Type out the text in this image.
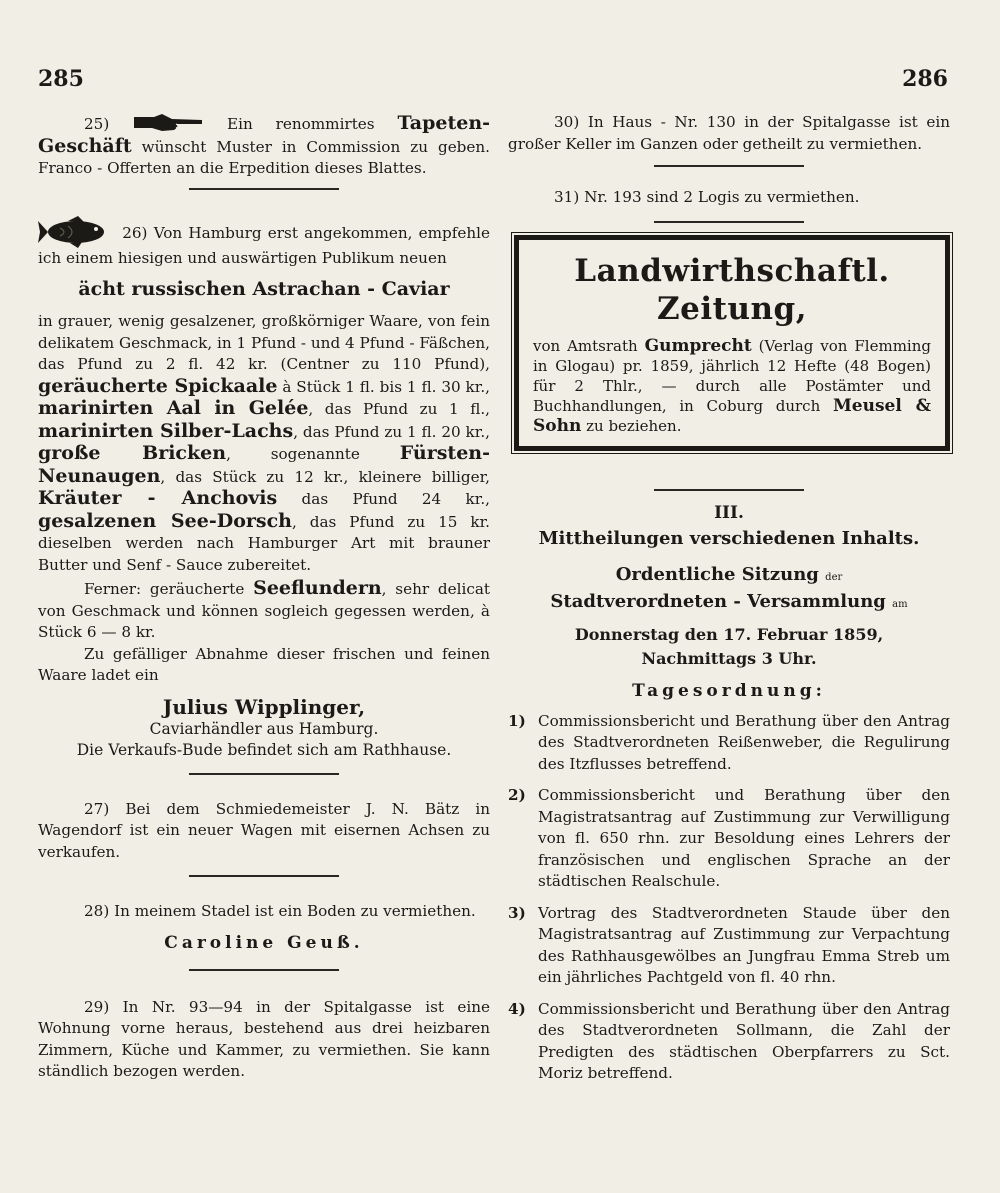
285	286

25)	Ein renommirtes Tapeten-Geschäft wünscht Muster in Commission zu geben. Franco - Offerten an die Erpedition dieses Blattes.

26) Von Hamburg erst angekommen, empfehle ich einem hiesigen und auswärtigen Publikum neuen

ächt russischen Astrachan - Caviar

in grauer, wenig gesalzener, großkörniger Waare, von fein delikatem Geschmack, in 1 Pfund - und 4 Pfund - Fäßchen, das Pfund zu 2 fl. 42 kr. (Centner zu 110 Pfund), geräucherte Spickaale à Stück 1 fl. bis 1 fl. 30 kr., marinirten Aal in Gelée, das Pfund zu 1 fl., marinirten Silber-Lachs, das Pfund zu 1 fl. 20 kr., große Bricken, sogenannte Fürsten-Neunaugen, das Stück zu 12 kr., kleinere billiger, Kräuter - Anchovis das Pfund 24 kr., gesalzenen See-Dorsch, das Pfund zu 15 kr. dieselben werden nach Hamburger Art mit brauner Butter und Senf - Sauce zubereitet.

Ferner: geräucherte Seeflundern, sehr delicat von Geschmack und können sogleich gegessen werden, à Stück 6 — 8 kr.

Zu gefälliger Abnahme dieser frischen und feinen Waare ladet ein

Julius Wipplinger,

Caviarhändler aus Hamburg.

Die Verkaufs-Bude befindet sich am Rathhause.

27) Bei dem Schmiedemeister J. N. Bätz in Wagendorf ist ein neuer Wagen mit eisernen Achsen zu verkaufen.

28) In meinem Stadel ist ein Boden zu vermiethen.

Caroline Geuß.

29) In Nr. 93—94 in der Spitalgasse ist eine Wohnung vorne heraus, bestehend aus drei heizbaren Zimmern, Küche und Kammer, zu vermiethen. Sie kann ständlich bezogen werden.

30) In Haus - Nr. 130 in der Spitalgasse ist ein großer Keller im Ganzen oder getheilt zu vermiethen.

31) Nr. 193 sind 2 Logis zu vermiethen.

Landwirthschaftl. Zeitung,

von Amtsrath Gumprecht (Verlag von Flemming in Glogau) pr. 1859, jährlich 12 Hefte (48 Bogen) für 2 Thlr., — durch alle Postämter und Buchhandlungen, in Coburg durch Meusel & Sohn zu beziehen.

III.

Mittheilungen verschiedenen Inhalts.

Ordentliche Sitzung der

Stadtverordneten - Versammlung am

Donnerstag den 17. Februar 1859,

Nachmittags 3 Uhr.

Tagesordnung:

1) Commissionsbericht und Berathung über den Antrag des Stadtverordneten Reißenweber, die Regulirung des Itzflusses betreffend.
2) Commissionsbericht und Berathung über den Magistratsantrag auf Zustimmung zur Verwilligung von fl. 650 rhn. zur Besoldung eines Lehrers der französischen und englischen Sprache an der städtischen Realschule.
3) Vortrag des Stadtverordneten Staude über den Magistratsantrag auf Zustimmung zur Verpachtung des Rathhausgewölbes an Jungfrau Emma Streb um ein jährliches Pachtgeld von fl. 40 rhn.
4) Commissionsbericht und Berathung über den Antrag des Stadtverordneten Sollmann, die Zahl der Predigten des städtischen Oberpfarrers zu Sct. Moriz betreffend.
